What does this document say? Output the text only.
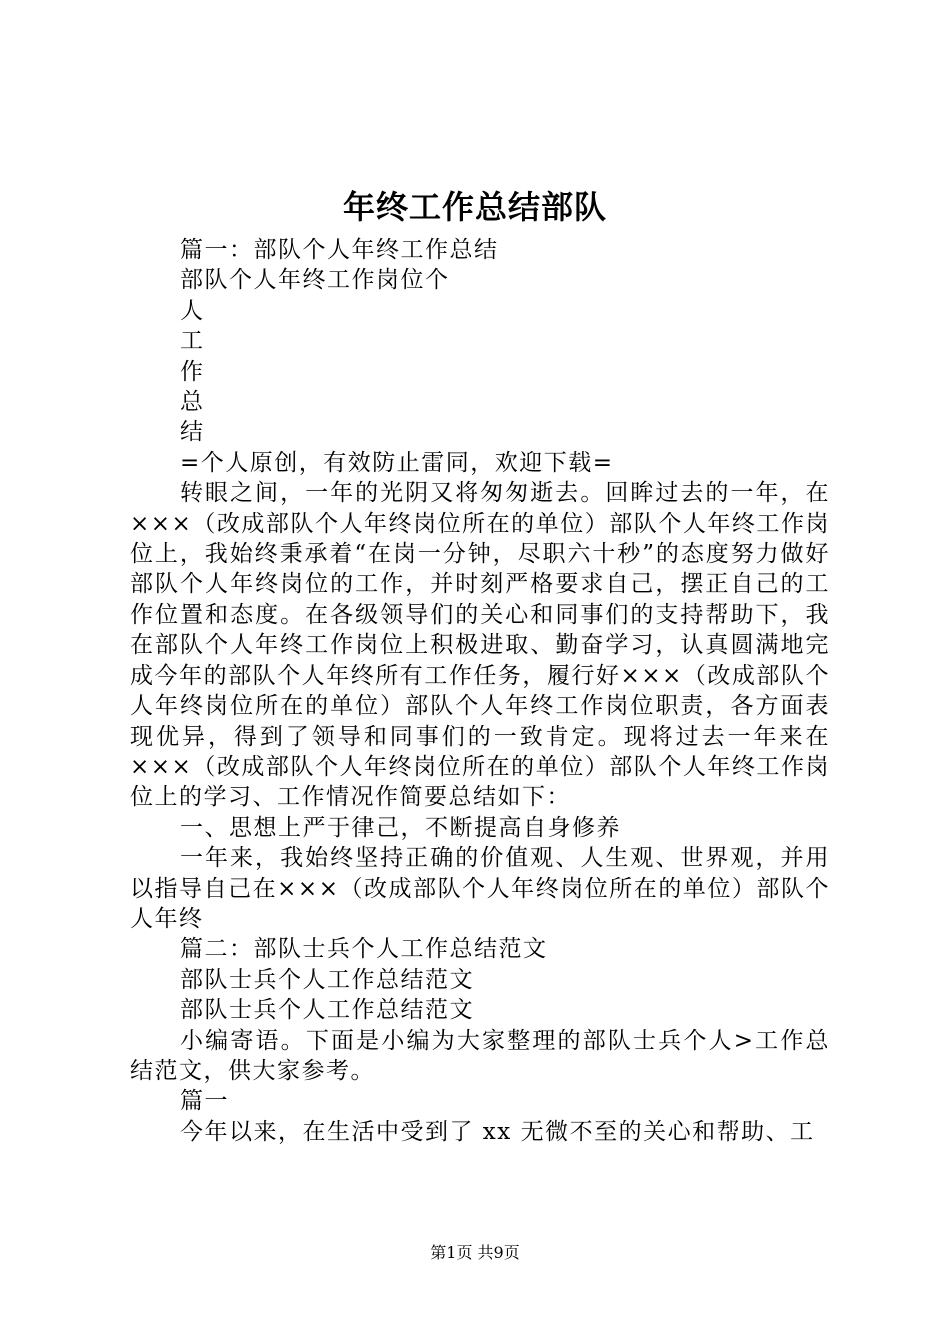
年终工作总结部队

篇一：部队个人年终工作总结

部队个人年终工作岗位个

人

工

作

总

结

=个人原创，有效防止雷同，欢迎下载=

转眼之间，一年的光阴又将匆匆逝去。回眸过去的一年，在×××（改成部队个人年终岗位所在的单位）部队个人年终工作岗位上，我始终秉承着“在岗一分钟，尽职六十秒”的态度努力做好部队个人年终岗位的工作，并时刻严格要求自己，摆正自己的工作位置和态度。在各级领导们的关心和同事们的支持帮助下，我在部队个人年终工作岗位上积极进取、勤奋学习，认真圆满地完成今年的部队个人年终所有工作任务，履行好×××（改成部队个人年终岗位所在的单位）部队个人年终工作岗位职责，各方面表现优异，得到了领导和同事们的一致肯定。现将过去一年来在×××（改成部队个人年终岗位所在的单位）部队个人年终工作岗位上的学习、工作情况作简要总结如下：

一、思想上严于律己，不断提高自身修养

一年来，我始终坚持正确的价值观、人生观、世界观，并用以指导自己在×××（改成部队个人年终岗位所在的单位）部队个人年终

篇二：部队士兵个人工作总结范文

部队士兵个人工作总结范文

部队士兵个人工作总结范文

小编寄语。下面是小编为大家整理的部队士兵个人>工作总结范文，供大家参考。

篇一

今年以来，在生活中受到了 xx 无微不至的关心和帮助、工

第1页 共9页
